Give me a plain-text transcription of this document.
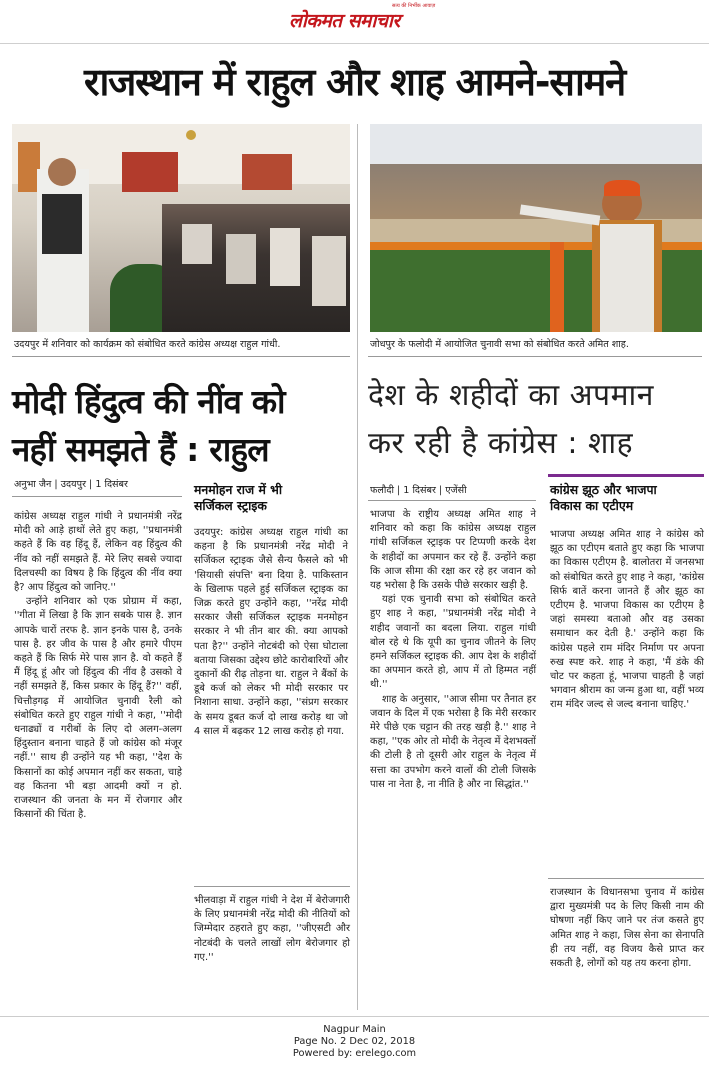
लोकमत समाचार
सत्य की निर्भीक आवाज़
राजस्थान में राहुल और शाह आमने-सामने
उदयपुर में शनिवार को कार्यक्रम को संबोधित करते कांग्रेस अध्यक्ष राहुल गांधी.	जोधपुर के फलोदी में आयोजित चुनावी सभा को संबोधित करते अमित शाह.
मोदी हिंदुत्व की नींव को
नहीं समझते हैं : राहुल
देश के शहीदों का अपमान
कर रही है कांग्रेस : शाह
अनुभा जैन | उदयपुर | 1 दिसंबर
फलौदी | 1 दिसंबर | एजेंसी

कांग्रेस अध्यक्ष राहुल गांधी ने प्रधानमंत्री नरेंद्र मोदी को आड़े हाथों लेते हुए कहा, ''प्रधानमंत्री कहते हैं कि वह हिंदू हैं, लेकिन वह हिंदुत्व की नींव को नहीं समझते हैं. मेरे लिए सबसे ज्यादा दिलचस्पी का विषय है कि हिंदुत्व की नींव क्या है? आप हिंदुत्व को जानिए.''

उन्होंने शनिवार को एक प्रोग्राम में कहा, ''गीता में लिखा है कि ज्ञान सबके पास है. ज्ञान आपके चारों तरफ है. ज्ञान इनके पास है, उनके पास है. हर जीव के पास है और हमारे पीएम कहते हैं कि सिर्फ मेरे पास ज्ञान है. वो कहते हैं मैं हिंदू हूं और जो हिंदुत्व की नींव है उसको वे नहीं समझते हैं, किस प्रकार के हिंदू हैं?'' वहीं, चित्तौड़गढ़ में आयोजित चुनावी रैली को संबोधित करते हुए राहुल गांधी ने कहा, ''मोदी धनाढ्यों व गरीबों के लिए दो अलग-अलग हिंदुस्तान बनाना चाहते हैं जो कांग्रेस को मंजूर नहीं.'' साथ ही उन्होंने यह भी कहा, ''देश के किसानों का कोई अपमान नहीं कर सकता, चाहे वह कितना भी बड़ा आदमी क्यों न हो. राजस्थान की जनता के मन में रोजगार और किसानों की चिंता है.

मनमोहन राज में भी
सर्जिकल स्ट्राइक

उदयपुर: कांग्रेस अध्यक्ष राहुल गांधी का कहना है कि प्रधानमंत्री नरेंद्र मोदी ने सर्जिकल स्ट्राइक जैसे सैन्य फैसले को भी 'सियासी संपत्ति' बना दिया है. पाकिस्तान के खिलाफ पहले हुई सर्जिकल स्ट्राइक का जिक्र करते हुए उन्होंने कहा, ''नरेंद्र मोदी सरकार जैसी सर्जिकल स्ट्राइक मनमोहन सरकार ने भी तीन बार की. क्या आपको पता है?'' उन्होंने नोटबंदी को ऐसा घोटाला बताया जिसका उद्देश्य छोटे कारोबारियों और दुकानों की रीढ़ तोड़ना था. राहुल ने बैंकों के डूबे कर्ज को लेकर भी मोदी सरकार पर निशाना साधा. उन्होंने कहा, ''संप्रग सरकार के समय डूबत कर्ज दो लाख करोड़ था जो 4 साल में बढ़कर 12 लाख करोड़ हो गया.

भीलवाड़ा में राहुल गांधी ने देश में बेरोजगारी के लिए प्रधानमंत्री नरेंद्र मोदी की नीतियों को जिम्मेदार ठहराते हुए कहा, ''जीएसटी और नोटबंदी के चलते लाखों लोग बेरोजगार हो गए.''

भाजपा के राष्ट्रीय अध्यक्ष अमित शाह ने शनिवार को कहा कि कांग्रेस अध्यक्ष राहुल गांधी सर्जिकल स्ट्राइक पर टिप्पणी करके देश के शहीदों का अपमान कर रहे हैं. उन्होंने कहा कि आज सीमा की रक्षा कर रहे हर जवान को यह भरोसा है कि उसके पीछे सरकार खड़ी है.

यहां एक चुनावी सभा को संबोधित करते हुए शाह ने कहा, ''प्रधानमंत्री नरेंद्र मोदी ने शहीद जवानों का बदला लिया. राहुल गांधी बोल रहे थे कि यूपी का चुनाव जीतने के लिए हमने सर्जिकल स्ट्राइक की. आप देश के शहीदों का अपमान करते हो, आप में तो हिम्मत नहीं थी.''

शाह के अनुसार, ''आज सीमा पर तैनात हर जवान के दिल में एक भरोसा है कि मेरी सरकार मेरे पीछे एक चट्टान की तरह खड़ी है.'' शाह ने कहा, ''एक ओर तो मोदी के नेतृत्व में देशभक्तों की टोली है तो दूसरी ओर राहुल के नेतृत्व में सत्ता का उपभोग करने वालों की टोली जिसके पास ना नेता है, ना नीति है और ना सिद्धांत.''

कांग्रेस झूठ और भाजपा
विकास का एटीएम

भाजपा अध्यक्ष अमित शाह ने कांग्रेस को झूठ का एटीएम बताते हुए कहा कि भाजपा का विकास एटीएम है. बालोतरा में जनसभा को संबोधित करते हुए शाह ने कहा, 'कांग्रेस सिर्फ बातें करना जानते हैं और झूठ का एटीएम है. भाजपा विकास का एटीएम है जहां समस्या बताओ और वह उसका समाधान कर देती है.' उन्होंने कहा कि कांग्रेस पहले राम मंदिर निर्माण पर अपना रुख स्पष्ट करे. शाह ने कहा, 'मैं डंके की चोट पर कहता हूं, भाजपा चाहती है जहां भगवान श्रीराम का जन्म हुआ था, वहीं भव्य राम मंदिर जल्द से जल्द बनाना चाहिए.'

राजस्थान के विधानसभा चुनाव में कांग्रेस द्वारा मुख्यमंत्री पद के लिए किसी नाम की घोषणा नहीं किए जाने पर तंज कसते हुए अमित शाह ने कहा, जिस सेना का सेनापति ही तय नहीं, वह विजय कैसे प्राप्त कर सकती है, लोगों को यह तय करना होगा.

Nagpur Main
Page No. 2 Dec 02, 2018
Powered by: erelego.com
